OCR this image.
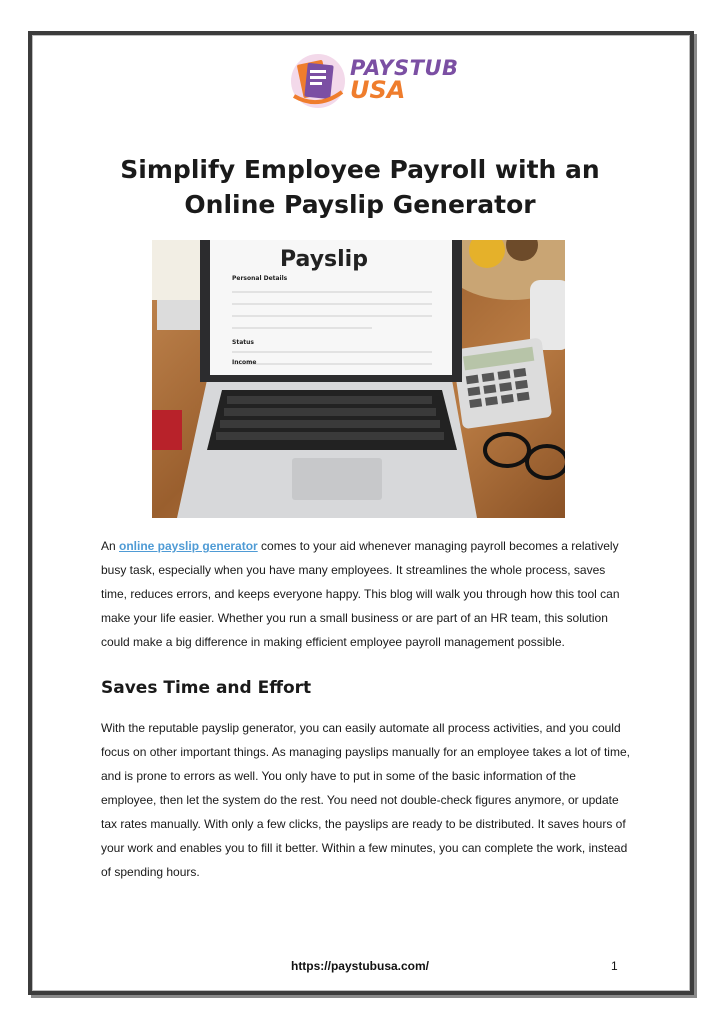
PAYSTUB
USA
Simplify Employee Payroll with an Online Payslip Generator
Payslip
Personal Details
Status
Income

An online payslip generator comes to your aid whenever managing payroll becomes a relatively busy task, especially when you have many employees. It streamlines the whole process, saves time, reduces errors, and keeps everyone happy. This blog will walk you through how this tool can make your life easier. Whether you run a small business or are part of an HR team, this solution could make a big difference in making efficient employee payroll management possible.

Saves Time and Effort

With the reputable payslip generator, you can easily automate all process activities, and you could focus on other important things. As managing payslips manually for an employee takes a lot of time, and is prone to errors as well. You only have to put in some of the basic information of the employee, then let the system do the rest. You need not double-check figures anymore, or update tax rates manually. With only a few clicks, the payslips are ready to be distributed. It saves hours of your work and enables you to fill it better. Within a few minutes, you can complete the work, instead of spending hours.

https://paystubusa.com/	1
